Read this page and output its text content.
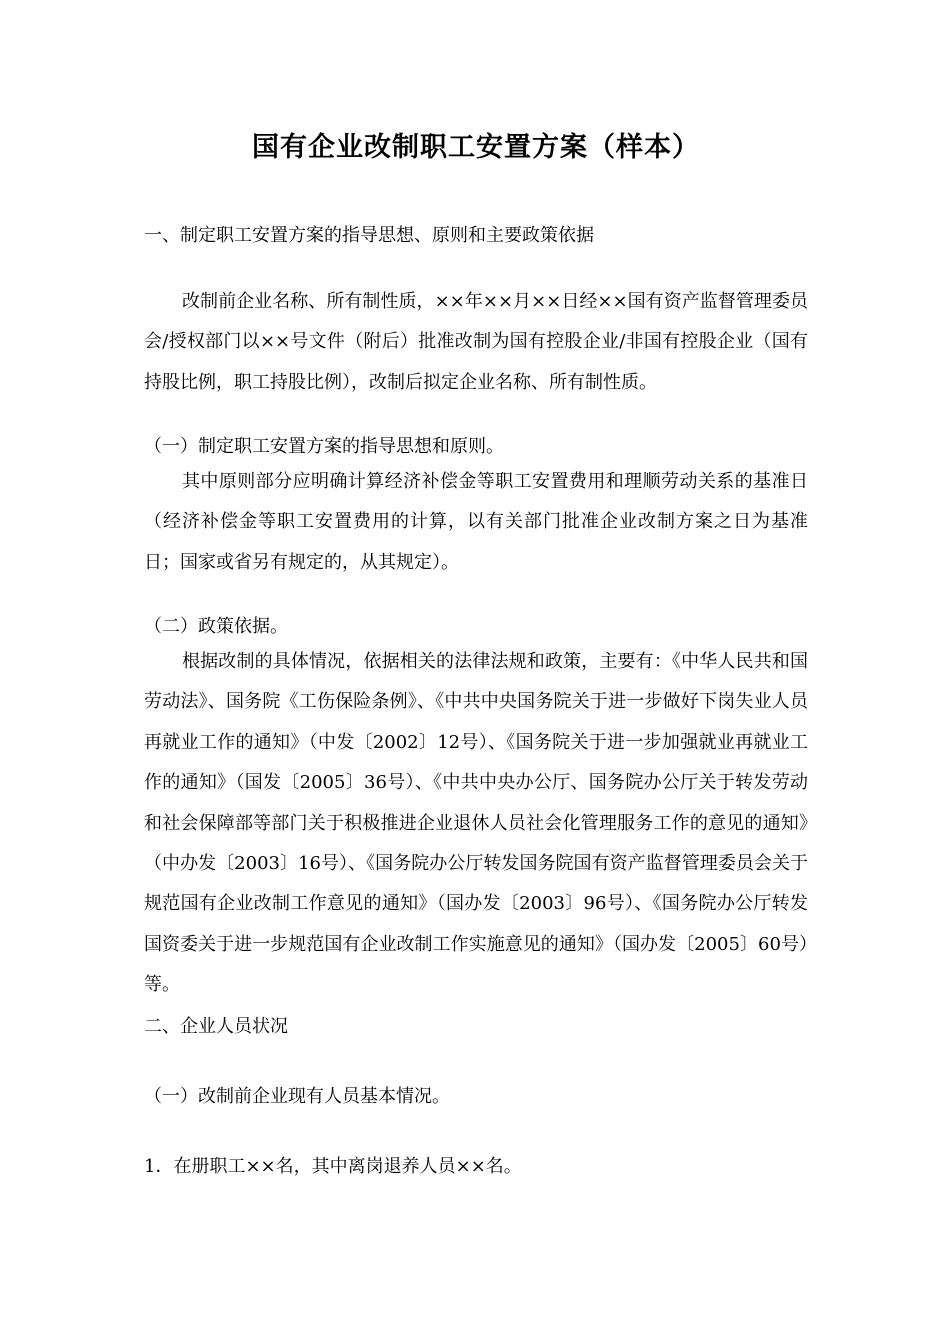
国有企业改制职工安置方案（样本）
一、制定职工安置方案的指导思想、原则和主要政策依据
改制前企业名称、所有制性质，××年××月××日经××国有资产监督管理委员会/授权部门以××号文件（附后）批准改制为国有控股企业/非国有控股企业（国有持股比例，职工持股比例），改制后拟定企业名称、所有制性质。
（一）制定职工安置方案的指导思想和原则。
其中原则部分应明确计算经济补偿金等职工安置费用和理顺劳动关系的基准日（经济补偿金等职工安置费用的计算，以有关部门批准企业改制方案之日为基准日；国家或省另有规定的，从其规定）。
（二）政策依据。
根据改制的具体情况，依据相关的法律法规和政策，主要有：《中华人民共和国劳动法》、国务院《工伤保险条例》、《中共中央国务院关于进一步做好下岗失业人员再就业工作的通知》（中发〔2002〕12号）、《国务院关于进一步加强就业再就业工作的通知》（国发〔2005〕36号）、《中共中央办公厅、国务院办公厅关于转发劳动和社会保障部等部门关于积极推进企业退休人员社会化管理服务工作的意见的通知》（中办发〔2003〕16号）、《国务院办公厅转发国务院国有资产监督管理委员会关于规范国有企业改制工作意见的通知》（国办发〔2003〕96号）、《国务院办公厅转发国资委关于进一步规范国有企业改制工作实施意见的通知》（国办发〔2005〕60号）等。
二、企业人员状况
（一）改制前企业现有人员基本情况。
1．在册职工××名，其中离岗退养人员××名。
